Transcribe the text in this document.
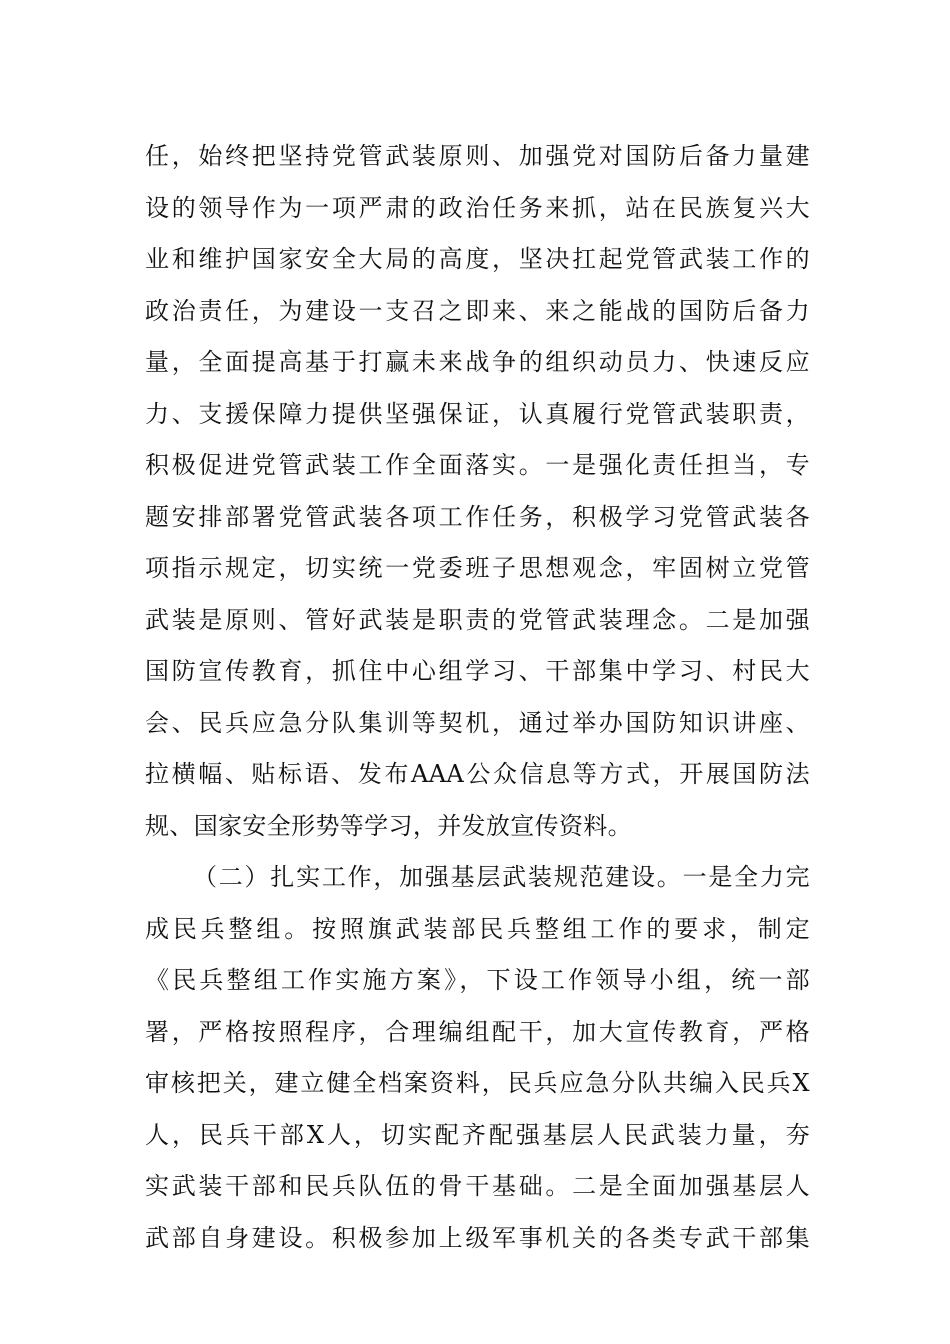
任，始终把坚持党管武装原则、加强党对国防后备力量建
设的领导作为一项严肃的政治任务来抓，站在民族复兴大
业和维护国家安全大局的高度，坚决扛起党管武装工作的
政治责任，为建设一支召之即来、来之能战的国防后备力
量，全面提高基于打赢未来战争的组织动员力、快速反应
力、支援保障力提供坚强保证，认真履行党管武装职责，
积极促进党管武装工作全面落实。一是强化责任担当，专
题安排部署党管武装各项工作任务，积极学习党管武装各
项指示规定，切实统一党委班子思想观念，牢固树立党管
武装是原则、管好武装是职责的党管武装理念。二是加强
国防宣传教育，抓住中心组学习、干部集中学习、村民大
会、民兵应急分队集训等契机，通过举办国防知识讲座、
拉横幅、贴标语、发布AAA公众信息等方式，开展国防法
规、国家安全形势等学习，并发放宣传资料。
（二）扎实工作，加强基层武装规范建设。一是全力完
成民兵整组。按照旗武装部民兵整组工作的要求，制定
《民兵整组工作实施方案》，下设工作领导小组，统一部
署，严格按照程序，合理编组配干，加大宣传教育，严格
审核把关，建立健全档案资料，民兵应急分队共编入民兵X
人，民兵干部X人，切实配齐配强基层人民武装力量，夯
实武装干部和民兵队伍的骨干基础。二是全面加强基层人
武部自身建设。积极参加上级军事机关的各类专武干部集
